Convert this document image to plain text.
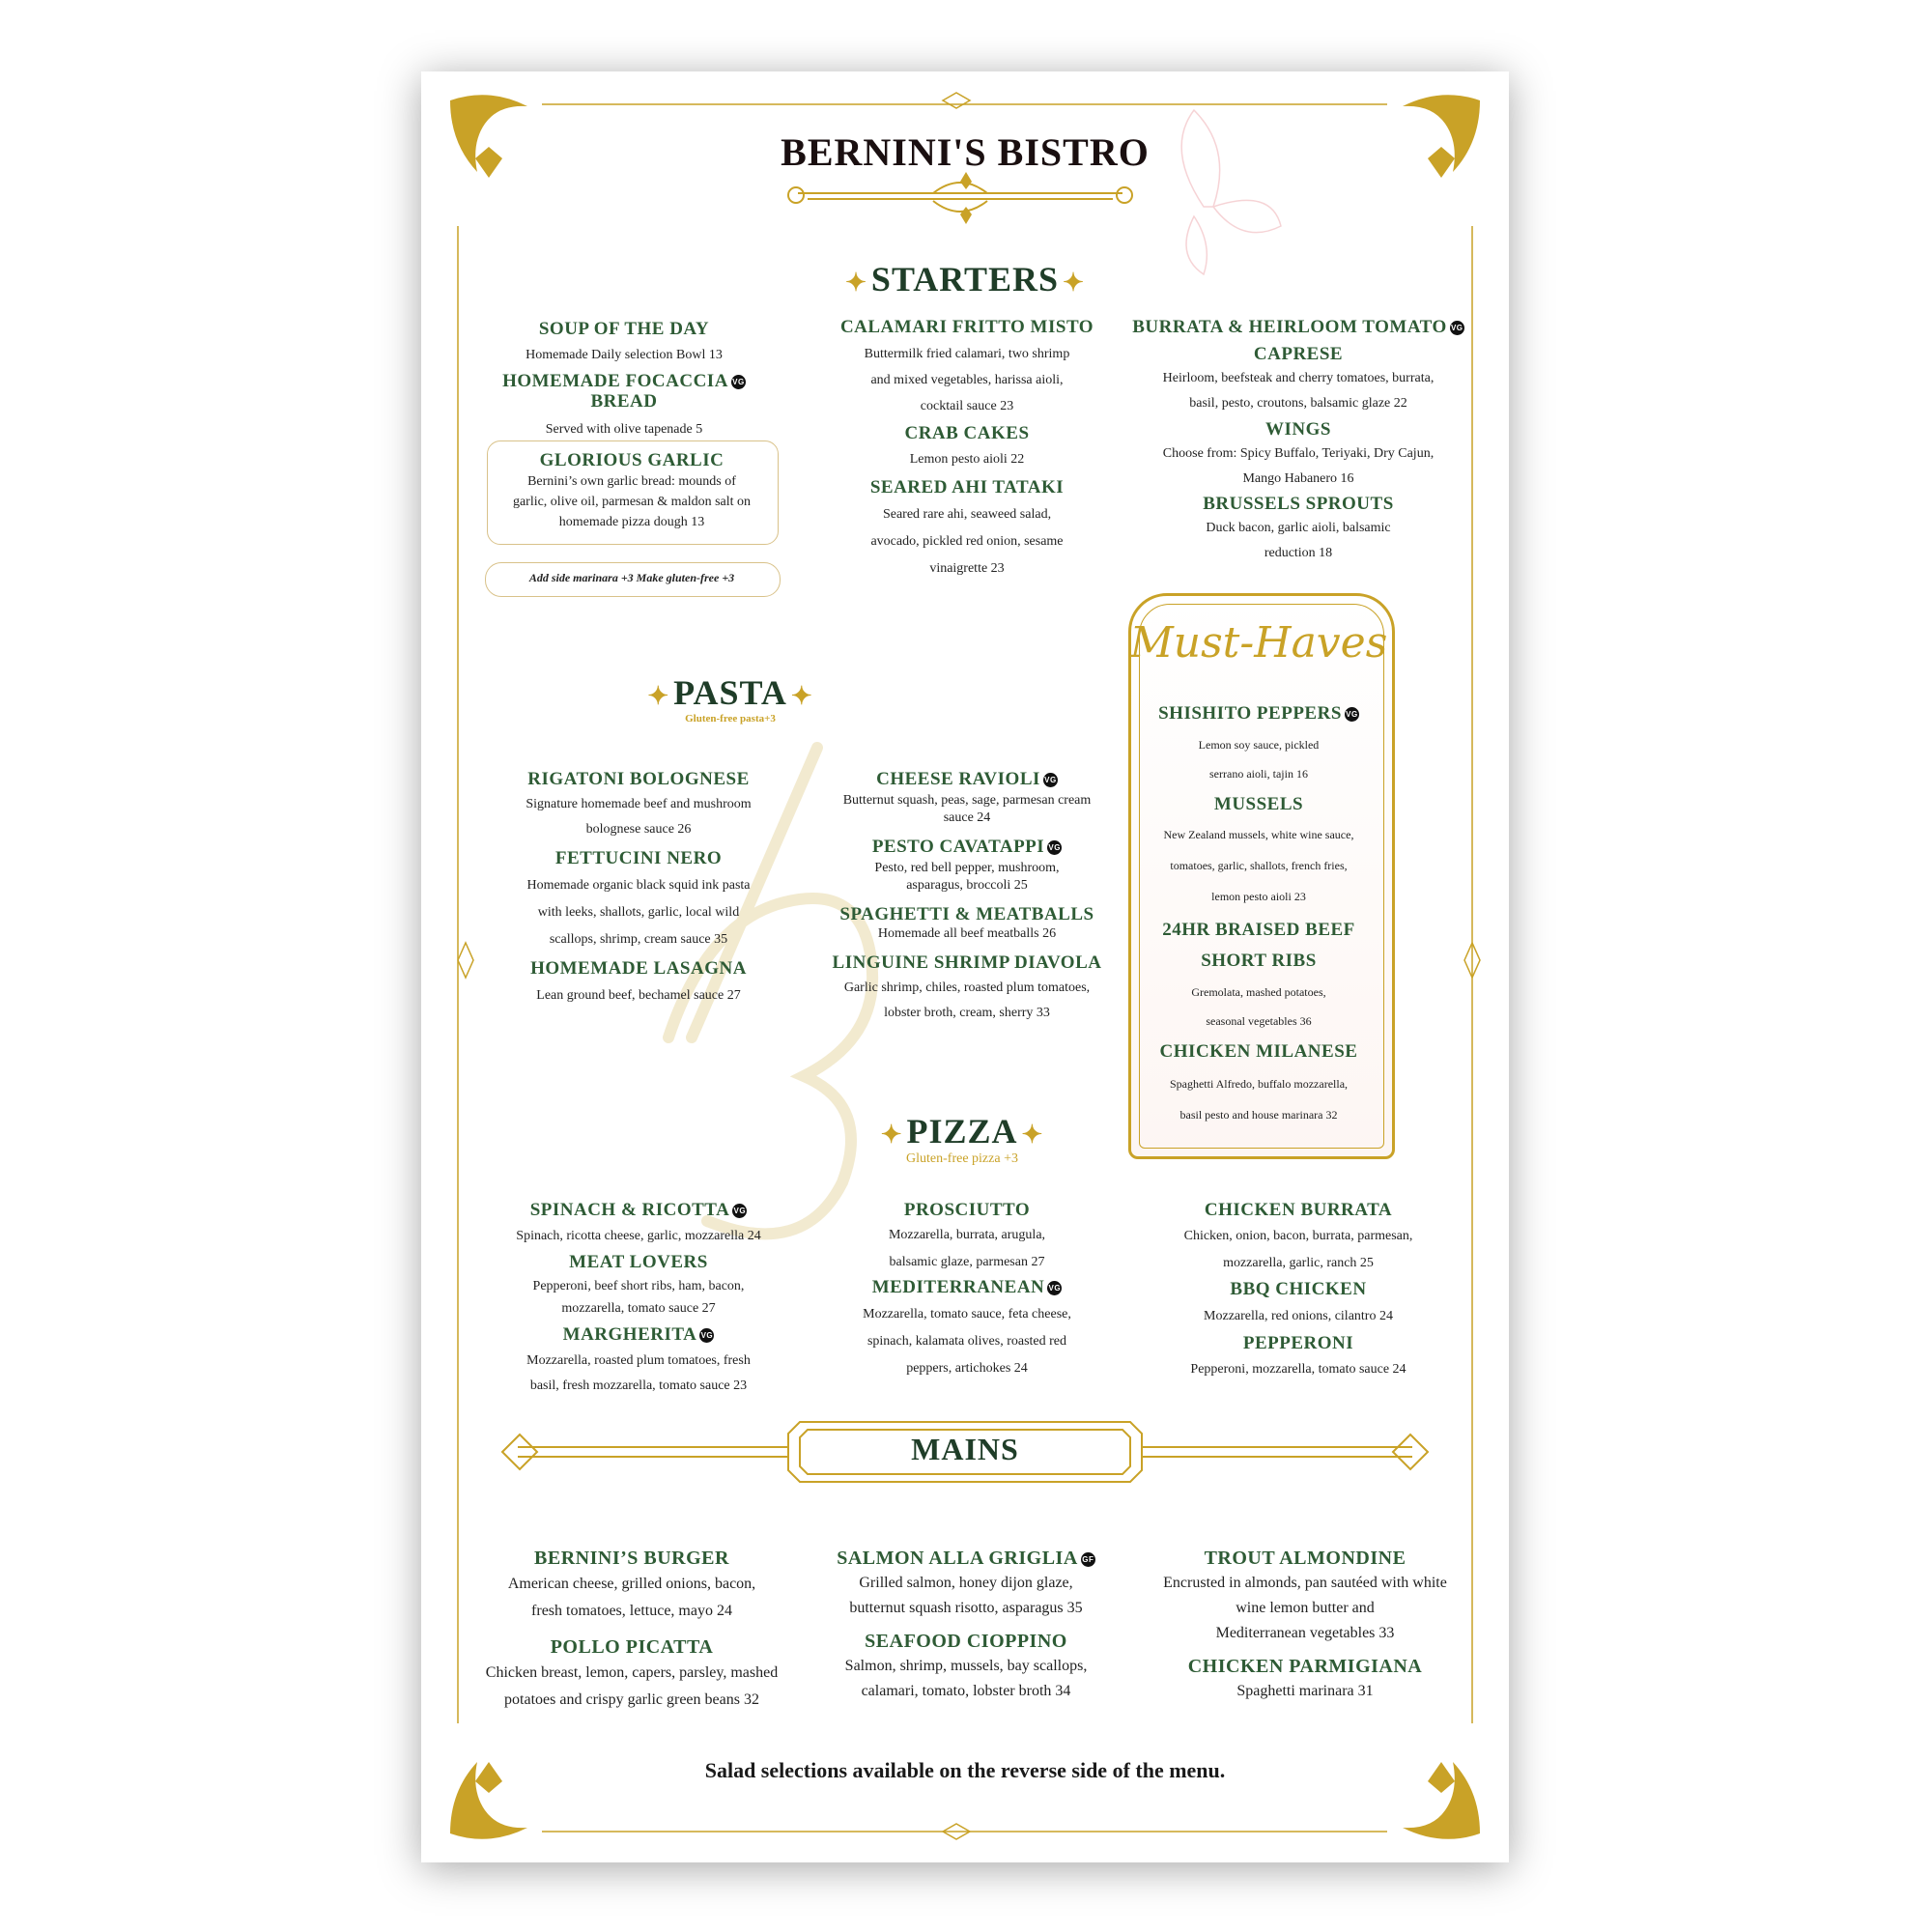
BERNINI'S BISTRO
✦ STARTERS ✦
SOUP OF THE DAY
Homemade Daily selection Bowl 13
HOMEMADE FOCACCIA VG
BREAD
Served with olive tapenade 5
GLORIOUS GARLIC
Bernini’s own garlic bread: mounds of
garlic, olive oil, parmesan & maldon salt on
homemade pizza dough 13
Add side marinara +3 Make gluten-free +3
CALAMARI FRITTO MISTO
Buttermilk fried calamari, two shrimp
and mixed vegetables, harissa aioli,
cocktail sauce 23
CRAB CAKES
Lemon pesto aioli 22
SEARED AHI TATAKI
Seared rare ahi, seaweed salad,
avocado, pickled red onion, sesame
vinaigrette 23
BURRATA & HEIRLOOM TOMATO VG
CAPRESE
Heirloom, beefsteak and cherry tomatoes, burrata,
basil, pesto, croutons, balsamic glaze 22
WINGS
Choose from: Spicy Buffalo, Teriyaki, Dry Cajun,
Mango Habanero 16
BRUSSELS SPROUTS
Duck bacon, garlic aioli, balsamic
reduction 18
✦ PASTA ✦
Gluten-free pasta+3
RIGATONI BOLOGNESE
Signature homemade beef and mushroom
bolognese sauce 26
FETTUCINI NERO
Homemade organic black squid ink pasta
with leeks, shallots, garlic, local wild
scallops, shrimp, cream sauce 35
HOMEMADE LASAGNA
Lean ground beef, bechamel sauce 27
CHEESE RAVIOLI VG
Butternut squash, peas, sage, parmesan cream
sauce 24
PESTO CAVATAPPI VG
Pesto, red bell pepper, mushroom,
asparagus, broccoli 25
SPAGHETTI & MEATBALLS
Homemade all beef meatballs 26
LINGUINE SHRIMP DIAVOLA
Garlic shrimp, chiles, roasted plum tomatoes,
lobster broth, cream, sherry 33
Must-Haves
SHISHITO PEPPERS VG
Lemon soy sauce, pickled
serrano aioli, tajin 16
MUSSELS
New Zealand mussels, white wine sauce,
tomatoes, garlic, shallots, french fries,
lemon pesto aioli 23
24HR BRAISED BEEF
SHORT RIBS
Gremolata, mashed potatoes,
seasonal vegetables 36
CHICKEN MILANESE
Spaghetti Alfredo, buffalo mozzarella,
basil pesto and house marinara 32
✦ PIZZA ✦
Gluten-free pizza +3
SPINACH & RICOTTA VG
Spinach, ricotta cheese, garlic, mozzarella 24
MEAT LOVERS
Pepperoni, beef short ribs, ham, bacon,
mozzarella, tomato sauce 27
MARGHERITA VG
Mozzarella, roasted plum tomatoes, fresh
basil, fresh mozzarella, tomato sauce 23
PROSCIUTTO
Mozzarella, burrata, arugula,
balsamic glaze, parmesan 27
MEDITERRANEAN VG
Mozzarella, tomato sauce, feta cheese,
spinach, kalamata olives, roasted red
peppers, artichokes 24
CHICKEN BURRATA
Chicken, onion, bacon, burrata, parmesan,
mozzarella, garlic, ranch 25
BBQ CHICKEN
Mozzarella, red onions, cilantro 24
PEPPERONI
Pepperoni, mozzarella, tomato sauce 24
MAINS
BERNINI’S BURGER
American cheese, grilled onions, bacon,
fresh tomatoes, lettuce, mayo 24
POLLO PICATTA
Chicken breast, lemon, capers, parsley, mashed
potatoes and crispy garlic green beans 32
SALMON ALLA GRIGLIA GF
Grilled salmon, honey dijon glaze,
butternut squash risotto, asparagus 35
SEAFOOD CIOPPINO
Salmon, shrimp, mussels, bay scallops,
calamari, tomato, lobster broth 34
TROUT ALMONDINE
Encrusted in almonds, pan sautéed with white
wine lemon butter and
Mediterranean vegetables 33
CHICKEN PARMIGIANA
Spaghetti marinara 31
Salad selections available on the reverse side of the menu.
